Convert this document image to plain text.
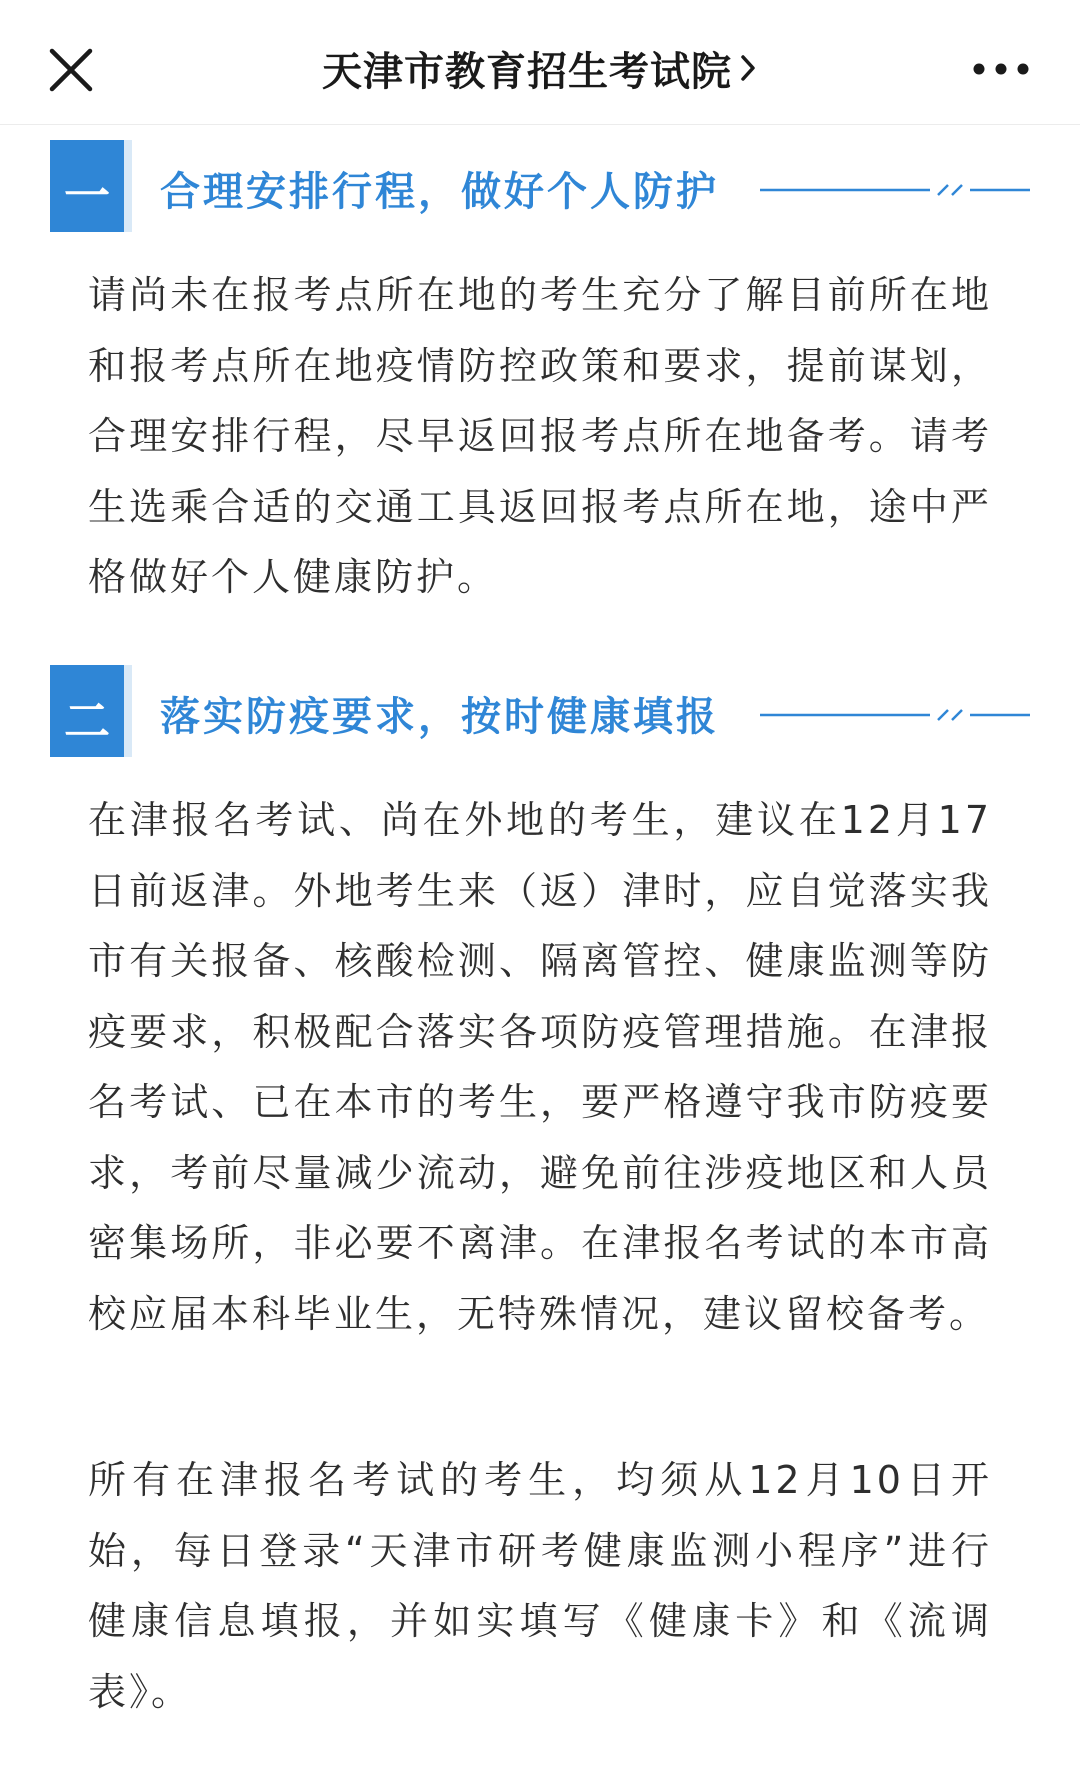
天津市教育招生考试院
一	合理安排行程，做好个人防护
请尚未在报考点所在地的考生充分了解目前所在地和报考点所在地疫情防控政策和要求，提前谋划，合理安排行程，尽早返回报考点所在地备考。请考生选乘合适的交通工具返回报考点所在地，途中严格做好个人健康防护。
二	落实防疫要求，按时健康填报
在津报名考试、尚在外地的考生，建议在12月17日前返津。外地考生来（返）津时，应自觉落实我市有关报备、核酸检测、隔离管控、健康监测等防疫要求，积极配合落实各项防疫管理措施。在津报名考试、已在本市的考生，要严格遵守我市防疫要求，考前尽量减少流动，避免前往涉疫地区和人员密集场所，非必要不离津。在津报名考试的本市高校应届本科毕业生，无特殊情况，建议留校备考。
所有在津报名考试的考生，均须从12月10日开始，每日登录“天津市研考健康监测小程序”进行健康信息填报，并如实填写《健康卡》和《流调表》。
